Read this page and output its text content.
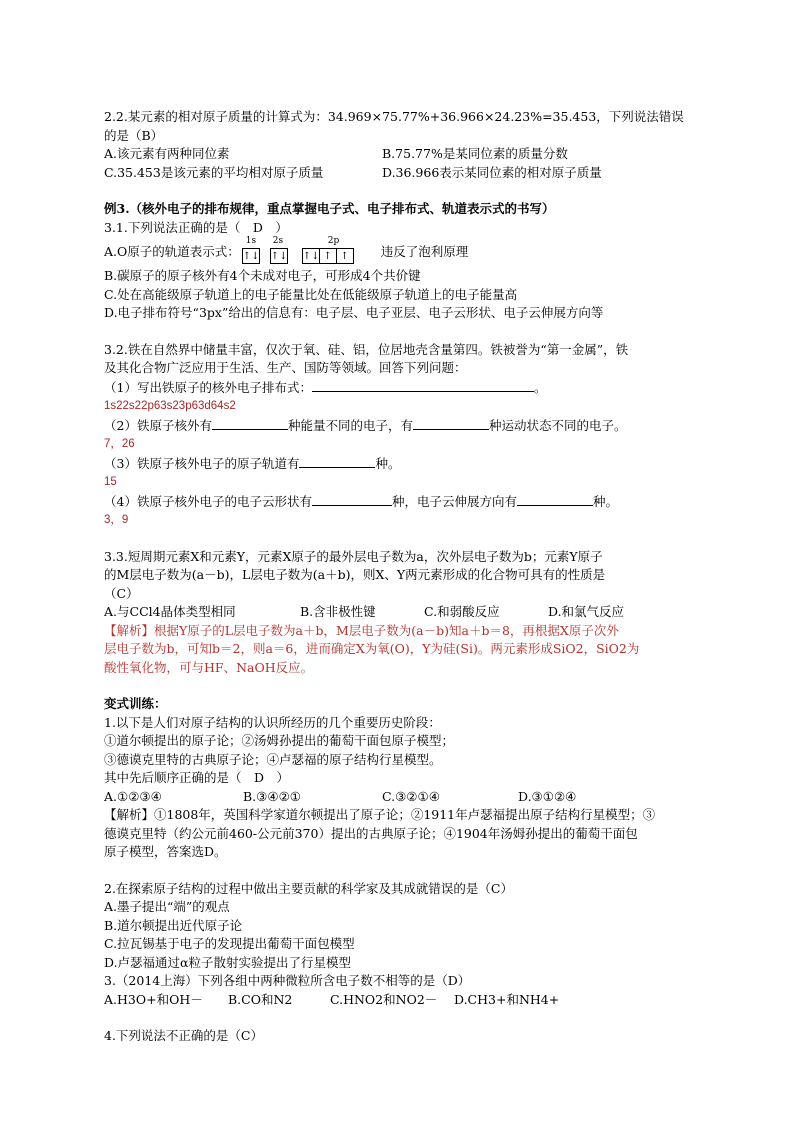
2.2.某元素的相对原子质量的计算式为：34.969×75.77%+36.966×24.23%=35.453，下列说法错误

的是（B）

A.该元素有两种同位素	B.75.77%是某同位素的质量分数
C.35.453是该元素的平均相对原子质量	D.36.966表示某同位素的相对原子质量

例3.（核外电子的排布规律，重点掌握电子式、电子排布式、轨道表示式的书写）

3.1.下列说法正确的是（　D　）

A.O原子的轨道表示式：
1s 2s	2p
↑↓ ↑↓ ↑↓ ↑ ↑	违反了泡利原理

B.碳原子的原子核外有4个未成对电子，可形成4个共价键

C.处在高能级原子轨道上的电子能量比处在低能级原子轨道上的电子能量高

D.电子排布符号“3px”给出的信息有：电子层、电子亚层、电子云形状、电子云伸展方向等

3.2.铁在自然界中储量丰富，仅次于氧、硅、铝，位居地壳含量第四。铁被誉为“第一金属”，铁

及其化合物广泛应用于生活、生产、国防等领域。回答下列问题：

（1）写出铁原子的核外电子排布式：	。

1s22s22p63s23p63d64s2

（2）铁原子核外有	种能量不同的电子，有	种运动状态不同的电子。

7，26

（3）铁原子核外电子的原子轨道有	种。

15

（4）铁原子核外电子的电子云形状有	种，电子云伸展方向有	种。

3，9

3.3.短周期元素X和元素Y，元素X原子的最外层电子数为a，次外层电子数为b；元素Y原子

的M层电子数为(a－b)，L层电子数为(a＋b)，则X、Y两元素形成的化合物可具有的性质是

（C）

A.与CCl4晶体类型相同	B.含非极性键	C.和弱酸反应	D.和氯气反应

【解析】根据Y原子的L层电子数为a＋b，M层电子数为(a－b)知a＋b＝8，再根据X原子次外

层电子数为b，可知b＝2，则a＝6，进而确定X为氧(O)，Y为硅(Si)。两元素形成SiO2，SiO2为

酸性氧化物，可与HF、NaOH反应。

变式训练：

1.以下是人们对原子结构的认识所经历的几个重要历史阶段：

①道尔顿提出的原子论；②汤姆孙提出的葡萄干面包原子模型；

③德谟克里特的古典原子论；④卢瑟福的原子结构行星模型。

其中先后顺序正确的是（　D　）

A.①②③④	B.③④②①	C.③②①④	D.③①②④

【解析】①1808年，英国科学家道尔顿提出了原子论；②1911年卢瑟福提出原子结构行星模型；③

德谟克里特（约公元前460-公元前370）提出的古典原子论；④1904年汤姆孙提出的葡萄干面包

原子模型，答案选D。

2.在探索原子结构的过程中做出主要贡献的科学家及其成就错误的是（C）

A.墨子提出“端”的观点

B.道尔顿提出近代原子论

C.拉瓦锡基于电子的发现提出葡萄干面包模型

D.卢瑟福通过α粒子散射实验提出了行星模型

3.（2014上海）下列各组中两种微粒所含电子数不相等的是（D）

A.H3O+和OH－	B.CO和N2	C.HNO2和NO2－	D.CH3+和NH4+

4.下列说法不正确的是（C）
